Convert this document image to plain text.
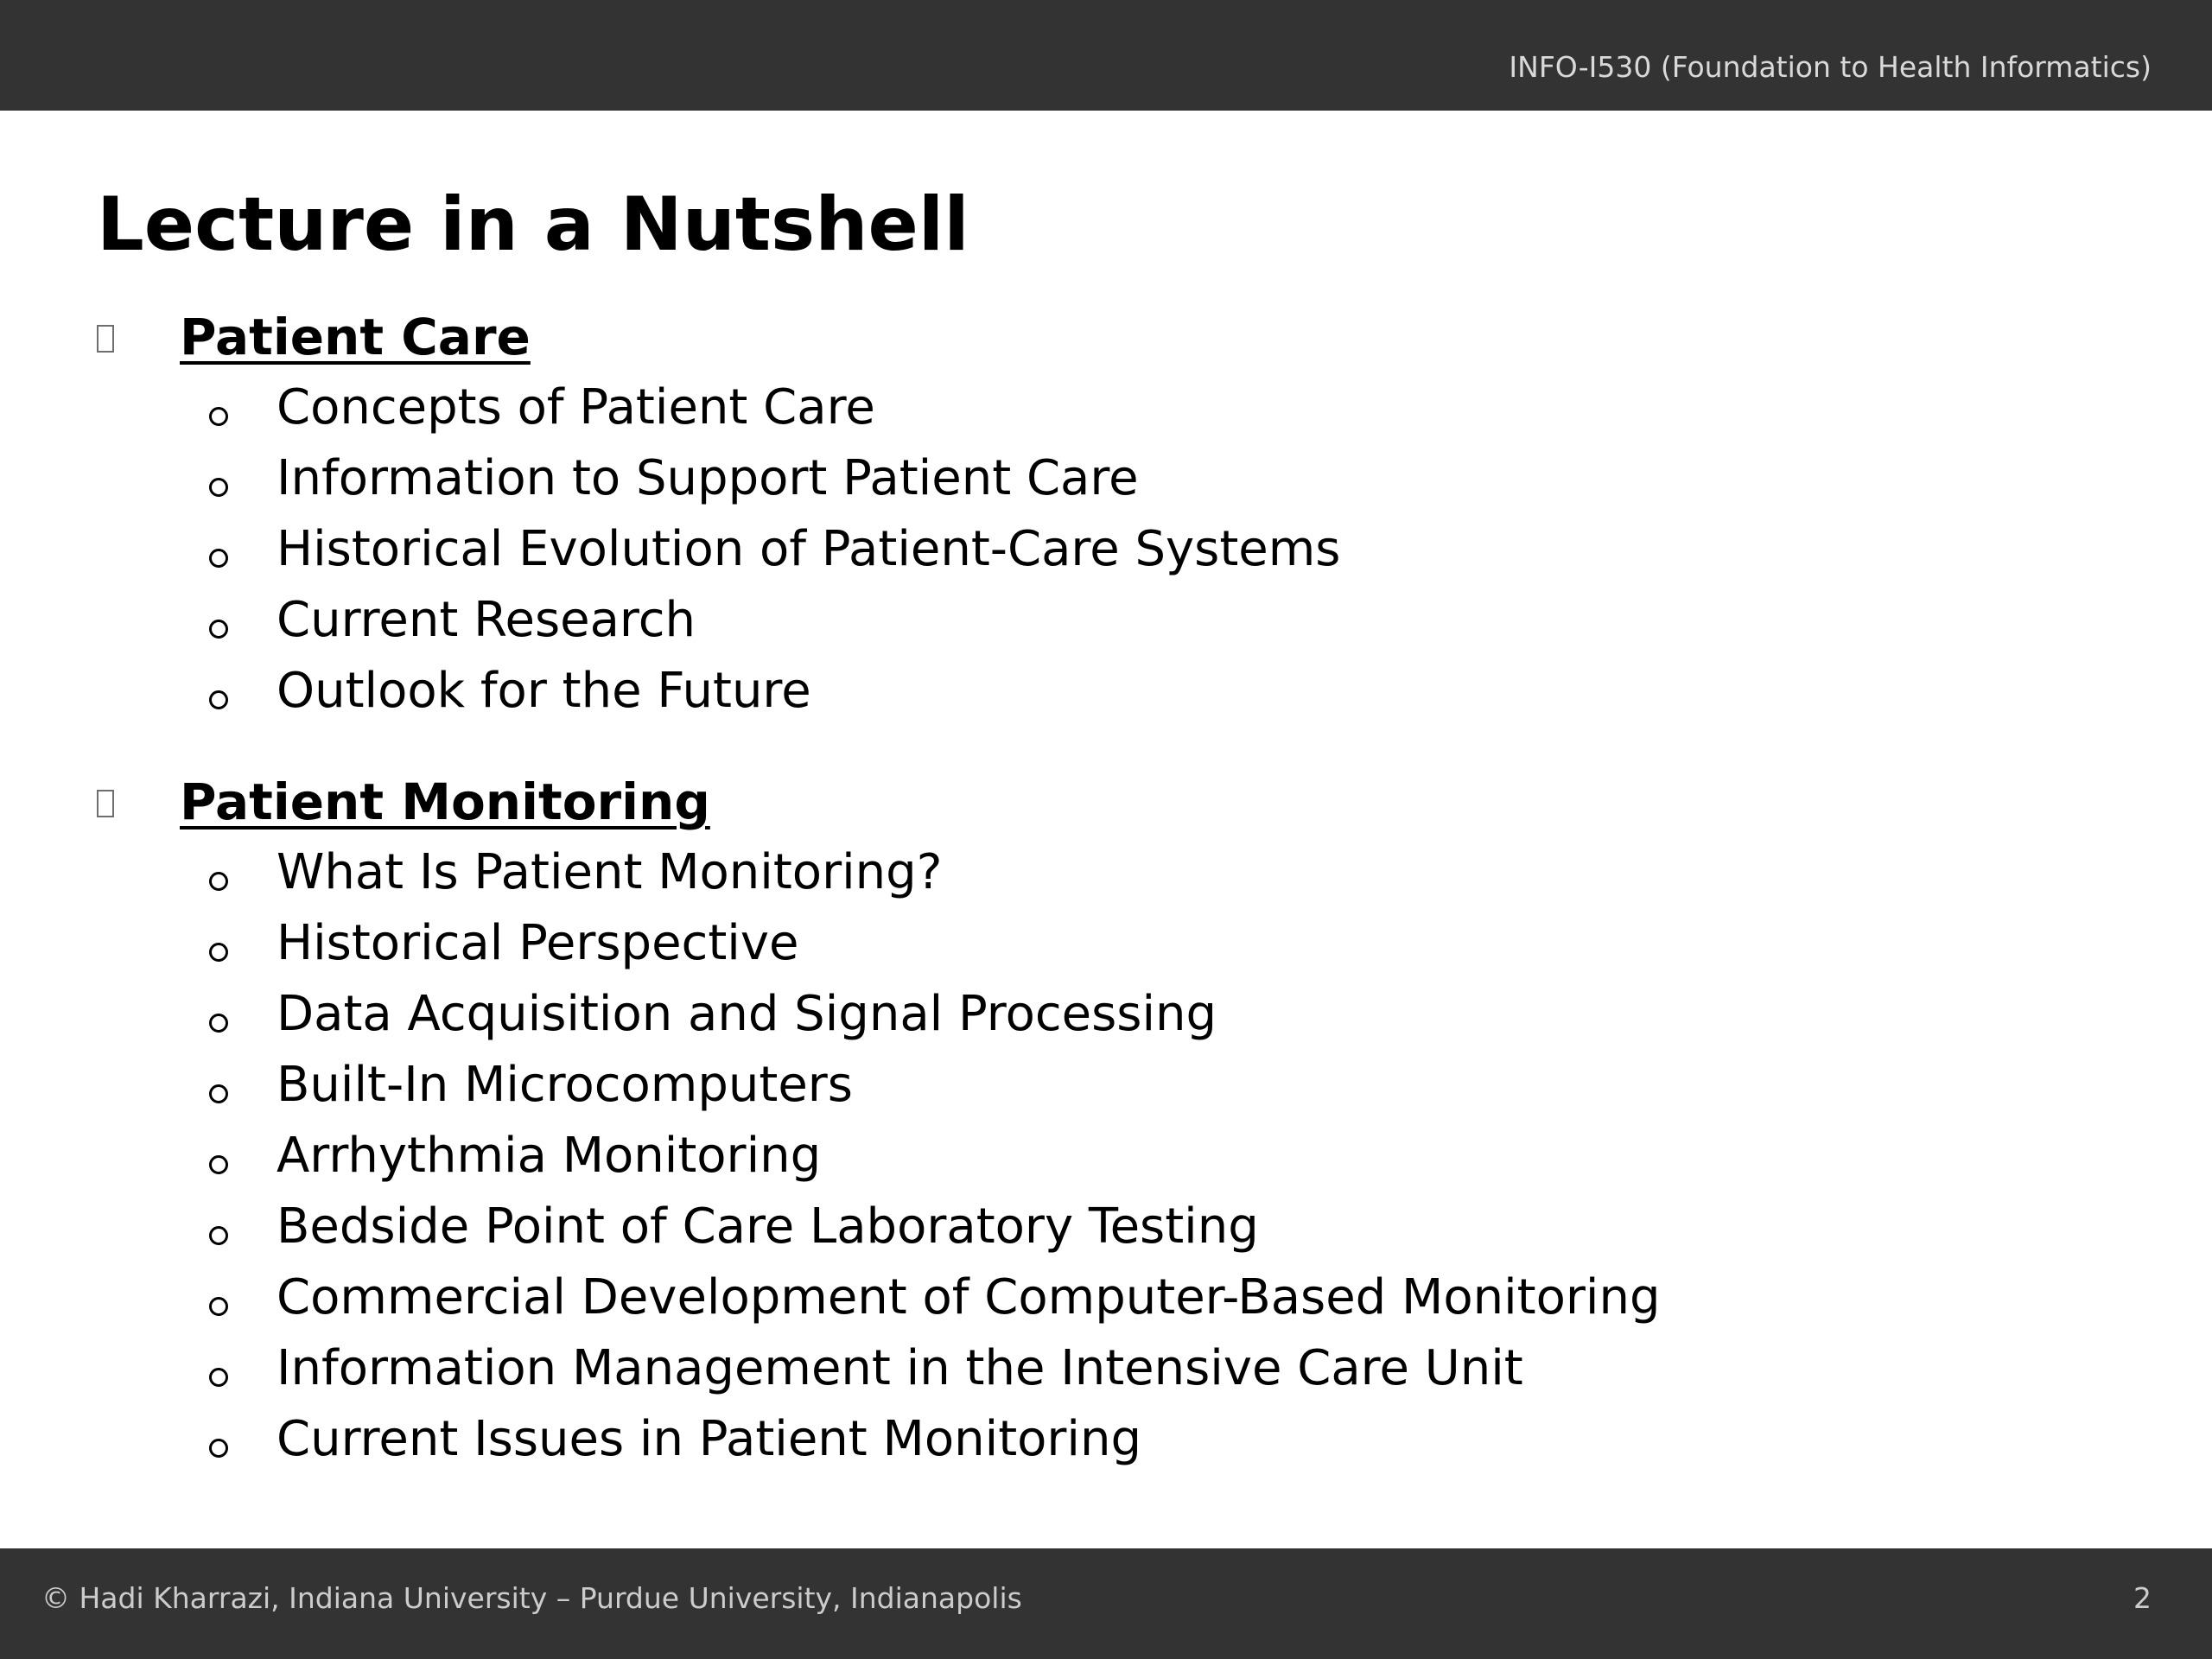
INFO-I530 (Foundation to Health Informatics)
Lecture in a Nutshell
Patient Care
Concepts of Patient Care
Information to Support Patient Care
Historical Evolution of Patient-Care Systems
Current Research
Outlook for the Future
Patient Monitoring
What Is Patient Monitoring?
Historical Perspective
Data Acquisition and Signal Processing
Built-In Microcomputers
Arrhythmia Monitoring
Bedside Point of Care Laboratory Testing
Commercial Development of Computer-Based Monitoring
Information Management in the Intensive Care Unit
Current Issues in Patient Monitoring
© Hadi Kharrazi, Indiana University – Purdue University, Indianapolis	2
